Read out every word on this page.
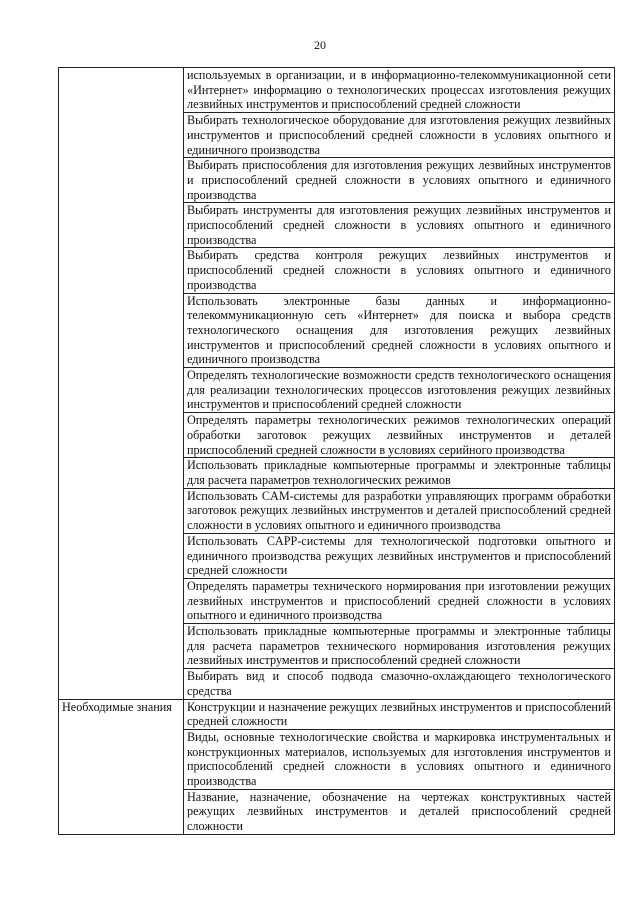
20
	используемых в организации, и в информационно-телекоммуникационной сети «Интернет» информацию о технологических процессах изготовления режущих лезвийных инструментов и приспособлений средней сложности
	Выбирать технологическое оборудование для изготовления режущих лезвийных инструментов и приспособлений средней сложности в условиях опытного и единичного производства
	Выбирать приспособления для изготовления режущих лезвийных инструментов и приспособлений средней сложности в условиях опытного и единичного производства
	Выбирать инструменты для изготовления режущих лезвийных инструментов и приспособлений средней сложности в условиях опытного и единичного производства
	Выбирать средства контроля режущих лезвийных инструментов и приспособлений средней сложности в условиях опытного и единичного производства
	Использовать электронные базы данных и информационно-телекоммуникационную сеть «Интернет» для поиска и выбора средств технологического оснащения для изготовления режущих лезвийных инструментов и приспособлений средней сложности в условиях опытного и единичного производства
	Определять технологические возможности средств технологического оснащения для реализации технологических процессов изготовления режущих лезвийных инструментов и приспособлений средней сложности
	Определять параметры технологических режимов технологических операций обработки заготовок режущих лезвийных инструментов и деталей приспособлений средней сложности в условиях серийного производства
	Использовать прикладные компьютерные программы и электронные таблицы для расчета параметров технологических режимов
	Использовать CAM-системы для разработки управляющих программ обработки заготовок режущих лезвийных инструментов и деталей приспособлений средней сложности в условиях опытного и единичного производства
	Использовать CAPP-системы для технологической подготовки опытного и единичного производства режущих лезвийных инструментов и приспособлений средней сложности
	Определять параметры технического нормирования при изготовлении режущих лезвийных инструментов и приспособлений средней сложности в условиях опытного и единичного производства
	Использовать прикладные компьютерные программы и электронные таблицы для расчета параметров технического нормирования изготовления режущих лезвийных инструментов и приспособлений средней сложности
	Выбирать вид и способ подвода смазочно-охлаждающего технологического средства
Необходимые знания	Конструкции и назначение режущих лезвийных инструментов и приспособлений средней сложности
	Виды, основные технологические свойства и маркировка инструментальных и конструкционных материалов, используемых для изготовления инструментов и приспособлений средней сложности в условиях опытного и единичного производства
	Название, назначение, обозначение на чертежах конструктивных частей режущих лезвийных инструментов и деталей приспособлений средней сложности
